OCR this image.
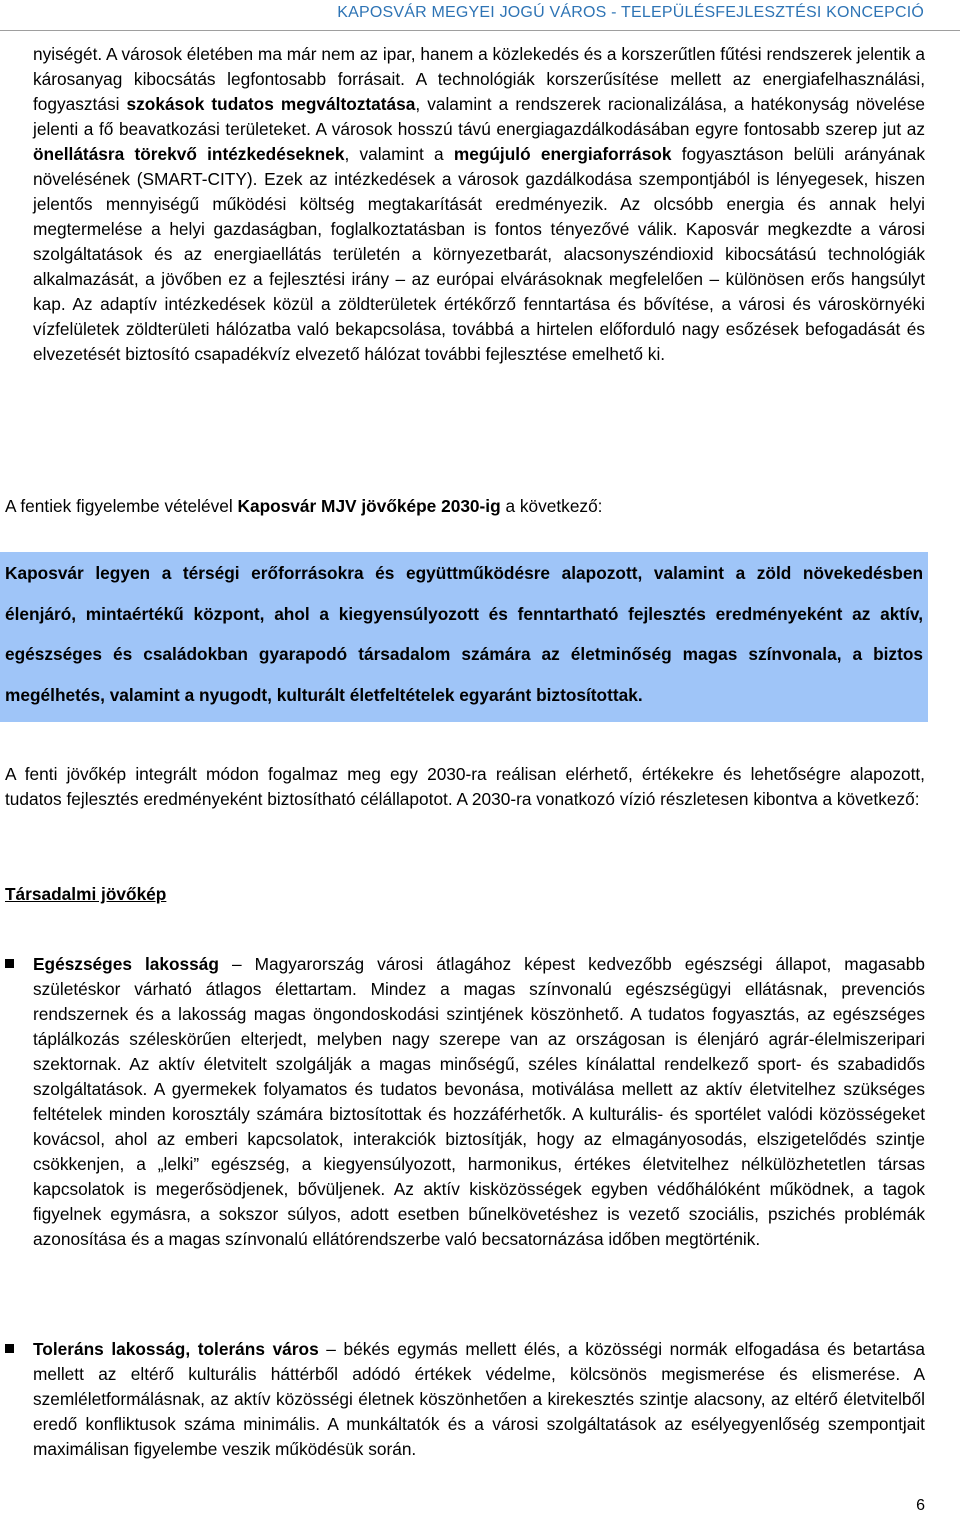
KAPOSVÁR MEGYEI JOGÚ VÁROS - TELEPÜLÉSFEJLESZTÉSI KONCEPCIÓ
nyiségét. A városok életében ma már nem az ipar, hanem a közlekedés és a korszerűtlen fűtési rendszerek jelentik a károsanyag kibocsátás legfontosabb forrásait. A technológiák korszerűsítése mellett az energiafelhasználási, fogyasztási szokások tudatos megváltoztatása, valamint a rendszerek racionalizálása, a hatékonyság növelése jelenti a fő beavatkozási területeket. A városok hosszú távú energiagazdálkodásában egyre fontosabb szerep jut az önellátásra törekvő intézkedéseknek, valamint a megújuló energiaforrások fogyasztáson belüli arányának növelésének (SMART-CITY). Ezek az intézkedések a városok gazdálkodása szempontjából is lényegesek, hiszen jelentős mennyiségű működési költség megtakarítását eredményezik. Az olcsóbb energia és annak helyi megtermelése a helyi gazdaságban, foglalkoztatásban is fontos tényezővé válik. Kaposvár megkezdte a városi szolgáltatások és az energiaellátás területén a környezetbarát, alacsonyszéndioxid kibocsátású technológiák alkalmazását, a jövőben ez a fejlesztési irány – az európai elvárásoknak megfelelően – különösen erős hangsúlyt kap. Az adaptív intézkedések közül a zöldterületek értékőrző fenntartása és bővítése, a városi és városkörnyéki vízfelületek zöldterületi hálózatba való bekapcsolása, továbbá a hirtelen előforduló nagy esőzések befogadását és elvezetését biztosító csapadékvíz elvezető hálózat további fejlesztése emelhető ki.
A fentiek figyelembe vételével Kaposvár MJV jövőképe 2030-ig a következő:
Kaposvár legyen a térségi erőforrásokra és együttműködésre alapozott, valamint a zöld növekedésben élenjáró, mintaértékű központ, ahol a kiegyensúlyozott és fenntartható fejlesztés eredményeként az aktív, egészséges és családokban gyarapodó társadalom számára az életminőség magas színvonala, a biztos megélhetés, valamint a nyugodt, kulturált életfeltételek egyaránt biztosítottak.
A fenti jövőkép integrált módon fogalmaz meg egy 2030-ra reálisan elérhető, értékekre és lehetőségre alapozott, tudatos fejlesztés eredményeként biztosítható célállapotot. A 2030-ra vonatkozó vízió részletesen kibontva a következő:
Társadalmi jövőkép
Egészséges lakosság – Magyarország városi átlagához képest kedvezőbb egészségi állapot, magasabb születéskor várható átlagos élettartam. Mindez a magas színvonalú egészségügyi ellátásnak, prevenciós rendszernek és a lakosság magas öngondoskodási szintjének köszönhető. A tudatos fogyasztás, az egészséges táplálkozás széleskörűen elterjedt, melyben nagy szerepe van az országosan is élenjáró agrár-élelmiszeripari szektornak. Az aktív életvitelt szolgálják a magas minőségű, széles kínálattal rendelkező sport- és szabadidős szolgáltatások. A gyermekek folyamatos és tudatos bevonása, motiválása mellett az aktív életvitelhez szükséges feltételek minden korosztály számára biztosítottak és hozzáférhetők. A kulturális- és sportélet valódi közösségeket kovácsol, ahol az emberi kapcsolatok, interakciók biztosítják, hogy az elmagányosodás, elszigetelődés szintje csökkenjen, a „lelki” egészség, a kiegyensúlyozott, harmonikus, értékes életvitelhez nélkülözhetetlen társas kapcsolatok is megerősödjenek, bővüljenek. Az aktív kisközösségek egyben védőhálóként működnek, a tagok figyelnek egymásra, a sokszor súlyos, adott esetben bűnelkövetéshez is vezető szociális, pszichés problémák azonosítása és a magas színvonalú ellátórendszerbe való becsatornázása időben megtörténik.
Toleráns lakosság, toleráns város – békés egymás mellett élés, a közösségi normák elfogadása és betartása mellett az eltérő kulturális háttérből adódó értékek védelme, kölcsönös megismerése és elismerése. A szemléletformálásnak, az aktív közösségi életnek köszönhetően a kirekesztés szintje alacsony, az eltérő életvitelből eredő konfliktusok száma minimális. A munkáltatók és a városi szolgáltatások az esélyegyenlőség szempontjait maximálisan figyelembe veszik működésük során.
6
